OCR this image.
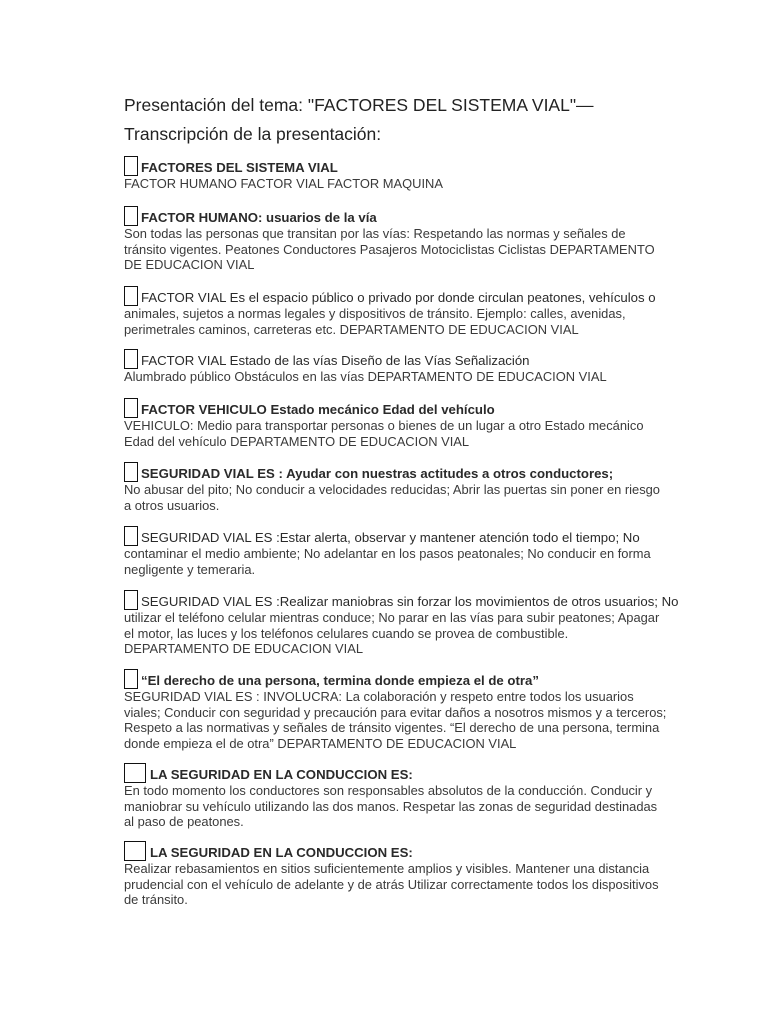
Presentación del tema: "FACTORES DEL SISTEMA VIAL"—
Transcripción de la presentación:
FACTORES DEL SISTEMA VIAL
FACTOR HUMANO FACTOR VIAL FACTOR MAQUINA
FACTOR HUMANO: usuarios de la vía
Son todas las personas que transitan por las vías: Respetando las normas y señales de
tránsito vigentes. Peatones Conductores Pasajeros Motociclistas Ciclistas DEPARTAMENTO
DE EDUCACION VIAL
FACTOR VIAL Es el espacio público o privado por donde circulan peatones, vehículos o
animales, sujetos a normas legales y dispositivos de tránsito. Ejemplo: calles, avenidas,
perimetrales caminos, carreteras etc. DEPARTAMENTO DE EDUCACION VIAL
FACTOR VIAL Estado de las vías Diseño de las Vías Señalización
Alumbrado público Obstáculos en las vías DEPARTAMENTO DE EDUCACION VIAL
FACTOR VEHICULO Estado mecánico Edad del vehículo
VEHICULO: Medio para transportar personas o bienes de un lugar a otro Estado mecánico
Edad del vehículo DEPARTAMENTO DE EDUCACION VIAL
SEGURIDAD VIAL ES : Ayudar con nuestras actitudes a otros conductores;
No abusar del pito; No conducir a velocidades reducidas; Abrir las puertas sin poner en riesgo
a otros usuarios.
SEGURIDAD VIAL ES :Estar alerta, observar y mantener atención todo el tiempo; No
contaminar el medio ambiente; No adelantar en los pasos peatonales; No conducir en forma
negligente y temeraria.
SEGURIDAD VIAL ES :Realizar maniobras sin forzar los movimientos de otros usuarios; No
utilizar el teléfono celular mientras conduce; No parar en las vías para subir peatones; Apagar
el motor, las luces y los teléfonos celulares cuando se provea de combustible.
DEPARTAMENTO DE EDUCACION VIAL
“El derecho de una persona, termina donde empieza el de otra”
SEGURIDAD VIAL ES : INVOLUCRA: La colaboración y respeto entre todos los usuarios
viales; Conducir con seguridad y precaución para evitar daños a nosotros mismos y a terceros;
Respeto a las normativas y señales de tránsito vigentes. “El derecho de una persona, termina
donde empieza el de otra” DEPARTAMENTO DE EDUCACION VIAL
LA SEGURIDAD EN LA CONDUCCION ES:
En todo momento los conductores son responsables absolutos de la conducción. Conducir y
maniobrar su vehículo utilizando las dos manos. Respetar las zonas de seguridad destinadas
al paso de peatones.
LA SEGURIDAD EN LA CONDUCCION ES:
Realizar rebasamientos en sitios suficientemente amplios y visibles. Mantener una distancia
prudencial con el vehículo de adelante y de atrás Utilizar correctamente todos los dispositivos
de tránsito.
